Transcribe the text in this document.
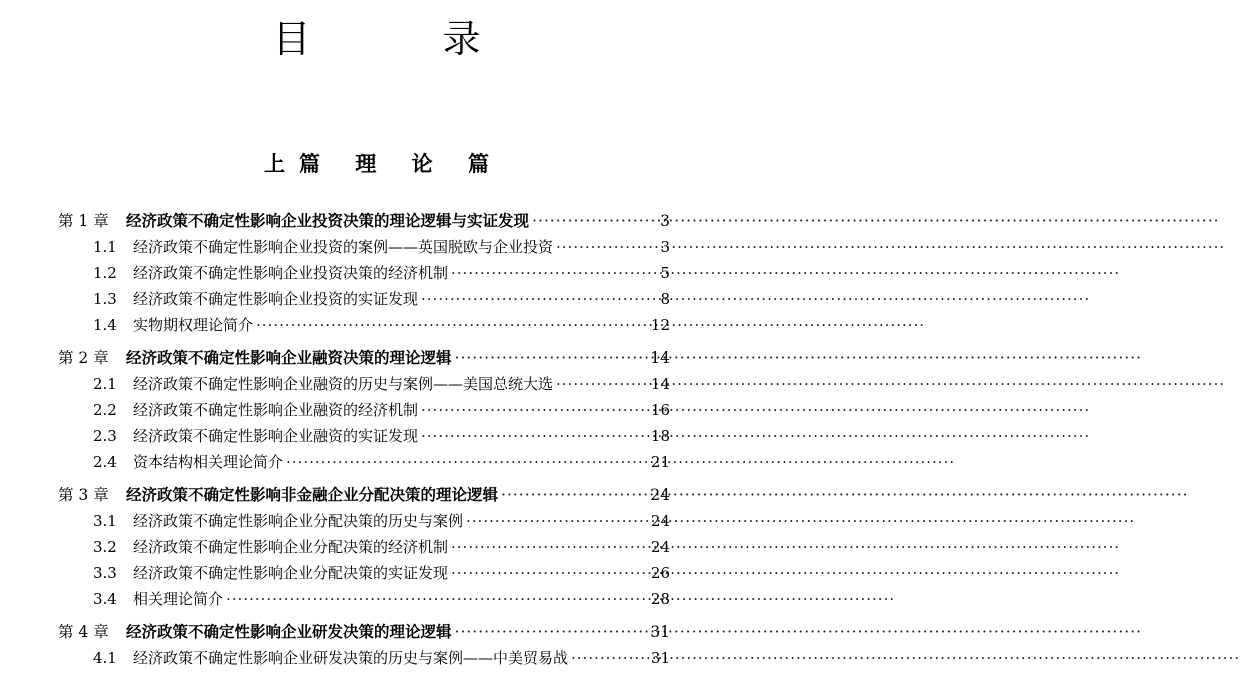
目 录
上篇 理 论 篇
第 1 章	经济政策不确定性影响企业投资决策的理论逻辑与实证发现 ·····	3
1.1	经济政策不确定性影响企业投资的案例——英国脱欧与企业投资 ·····	3
1.2	经济政策不确定性影响企业投资决策的经济机制 ·····	5
1.3	经济政策不确定性影响企业投资的实证发现 ·····	8
1.4	实物期权理论简介 ·····	12
第 2 章	经济政策不确定性影响企业融资决策的理论逻辑 ·····	14
2.1	经济政策不确定性影响企业融资的历史与案例——美国总统大选 ·····	14
2.2	经济政策不确定性影响企业融资的经济机制 ·····	16
2.3	经济政策不确定性影响企业融资的实证发现 ·····	18
2.4	资本结构相关理论简介 ·····	21
第 3 章	经济政策不确定性影响非金融企业分配决策的理论逻辑 ·····	24
3.1	经济政策不确定性影响企业分配决策的历史与案例 ·····	24
3.2	经济政策不确定性影响企业分配决策的经济机制 ·····	24
3.3	经济政策不确定性影响企业分配决策的实证发现 ·····	26
3.4	相关理论简介 ·····	28
第 4 章	经济政策不确定性影响企业研发决策的理论逻辑 ·····	31
4.1	经济政策不确定性影响企业研发决策的历史与案例——中美贸易战 ·····	31
